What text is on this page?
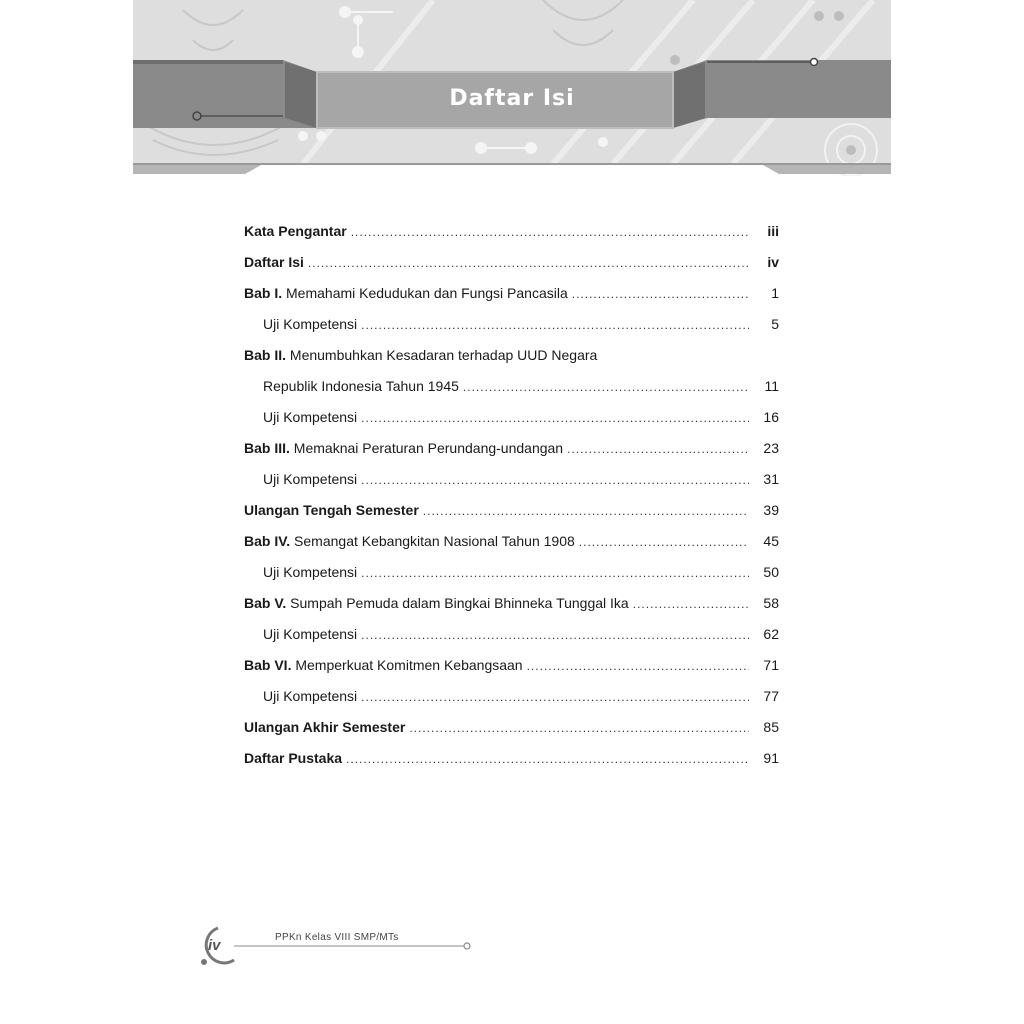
Daftar Isi
Kata Pengantar .....	iii
Daftar Isi .....	iv
Bab I. Memahami Kedudukan dan Fungsi Pancasila .....	1
Uji Kompetensi .....	5
Bab II. Menumbuhkan Kesadaran terhadap UUD Negara
Republik Indonesia Tahun 1945 .....	11
Uji Kompetensi .....	16
Bab III. Memaknai Peraturan Perundang-undangan .....	23
Uji Kompetensi .....	31
Ulangan Tengah Semester .....	39
Bab IV. Semangat Kebangkitan Nasional Tahun 1908 .....	45
Uji Kompetensi .....	50
Bab V. Sumpah Pemuda dalam Bingkai Bhinneka Tunggal Ika .....	58
Uji Kompetensi .....	62
Bab VI. Memperkuat Komitmen Kebangsaan .....	71
Uji Kompetensi .....	77
Ulangan Akhir Semester .....	85
Daftar Pustaka .....	91
iv	PPKn Kelas VIII SMP/MTs
